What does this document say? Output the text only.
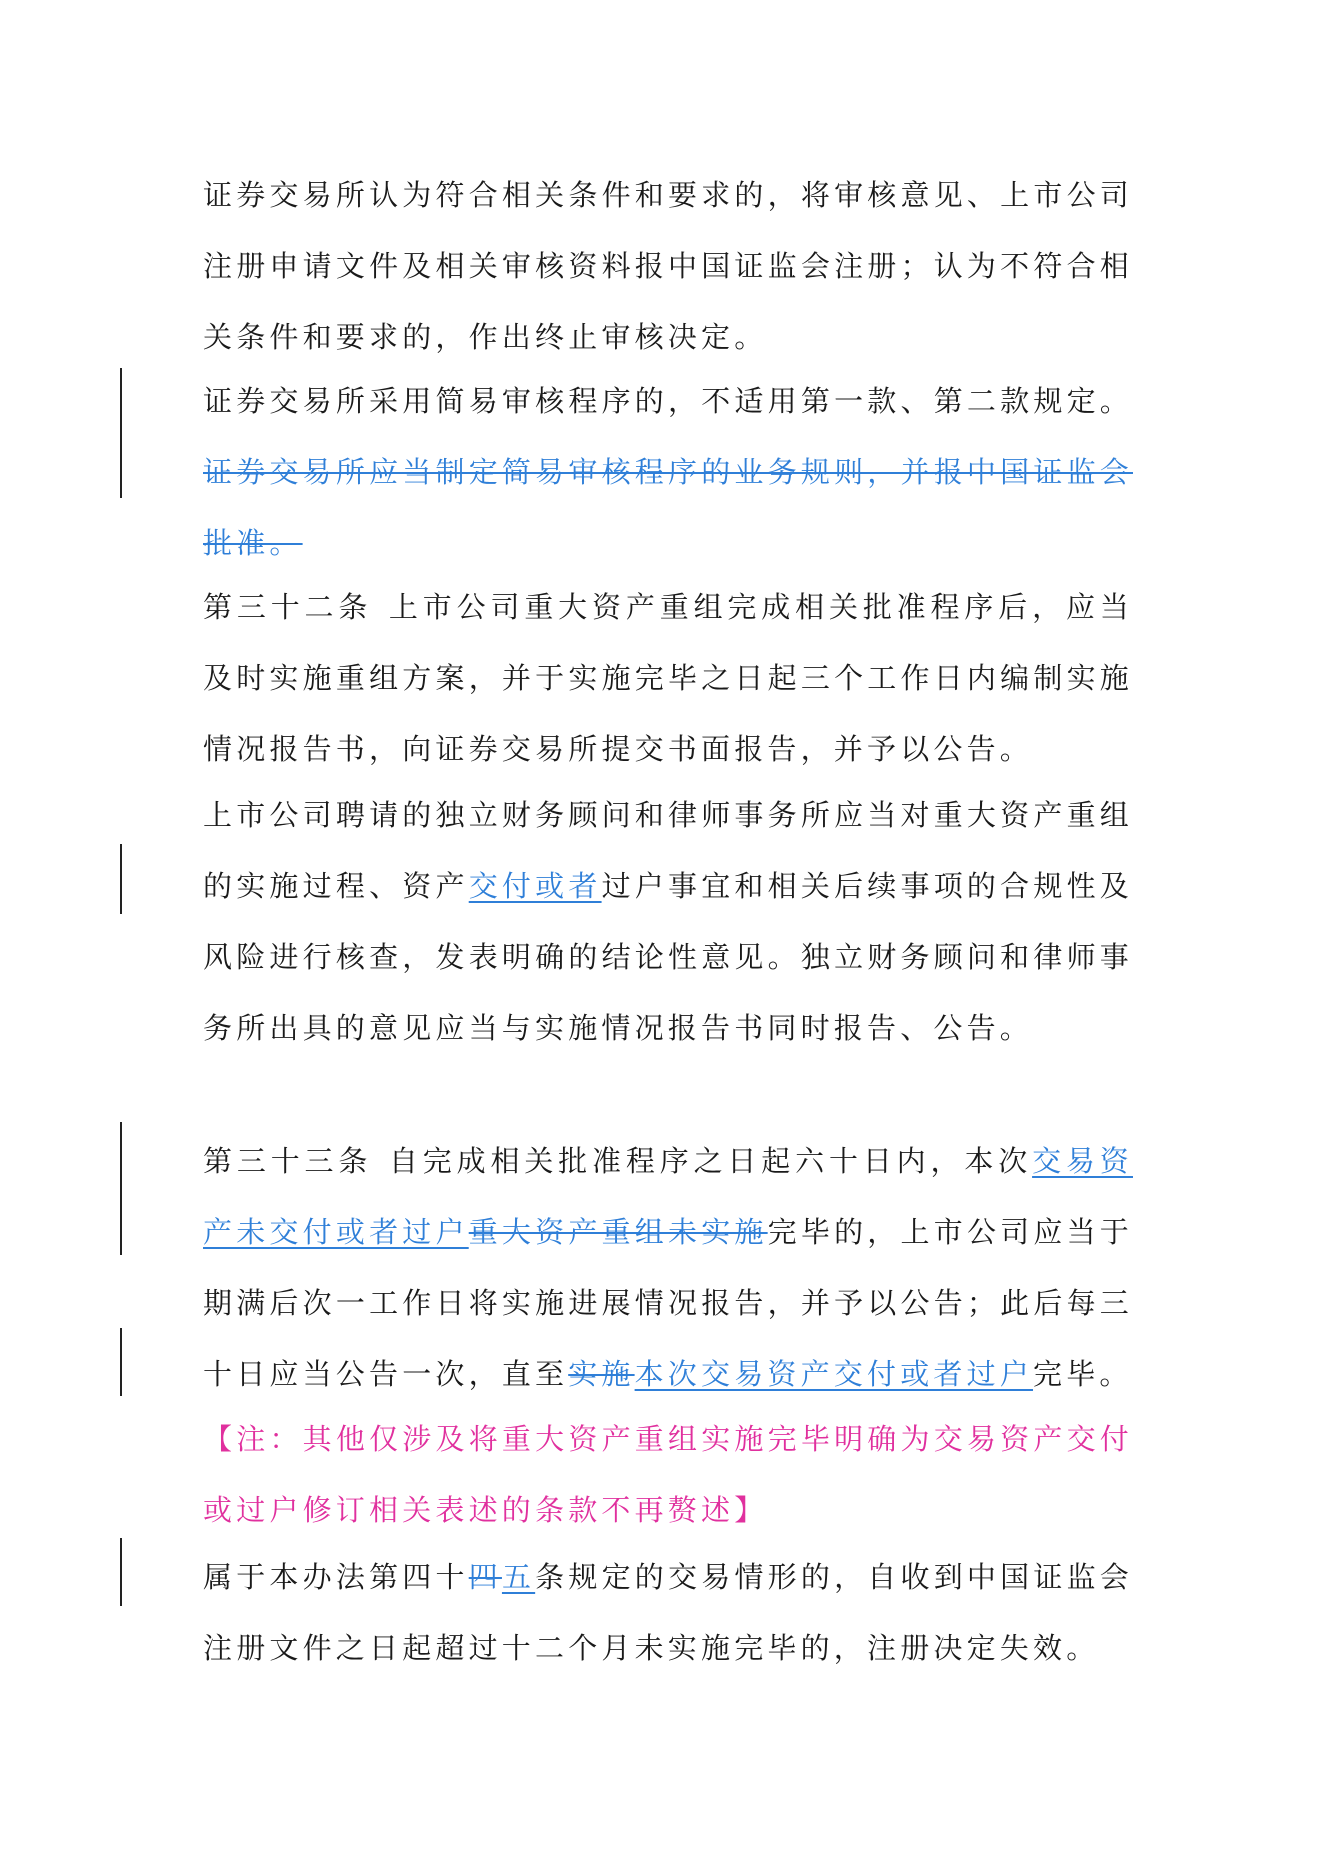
证券交易所认为符合相关条件和要求的，将审核意见、上市公司注册申请文件及相关审核资料报中国证监会注册；认为不符合相关条件和要求的，作出终止审核决定。

证券交易所采用简易审核程序的，不适用第一款、第二款规定。证券交易所应当制定简易审核程序的业务规则，并报中国证监会批准。

第三十二条 上市公司重大资产重组完成相关批准程序后，应当及时实施重组方案，并于实施完毕之日起三个工作日内编制实施情况报告书，向证券交易所提交书面报告，并予以公告。

上市公司聘请的独立财务顾问和律师事务所应当对重大资产重组的实施过程、资产交付或者过户事宜和相关后续事项的合规性及风险进行核查，发表明确的结论性意见。独立财务顾问和律师事务所出具的意见应当与实施情况报告书同时报告、公告。

第三十三条 自完成相关批准程序之日起六十日内，本次交易资产未交付或者过户重大资产重组未实施完毕的，上市公司应当于期满后次一工作日将实施进展情况报告，并予以公告；此后每三十日应当公告一次，直至实施本次交易资产交付或者过户完毕。

【注：其他仅涉及将重大资产重组实施完毕明确为交易资产交付或过户修订相关表述的条款不再赘述】

属于本办法第四十四五条规定的交易情形的，自收到中国证监会注册文件之日起超过十二个月未实施完毕的，注册决定失效。
